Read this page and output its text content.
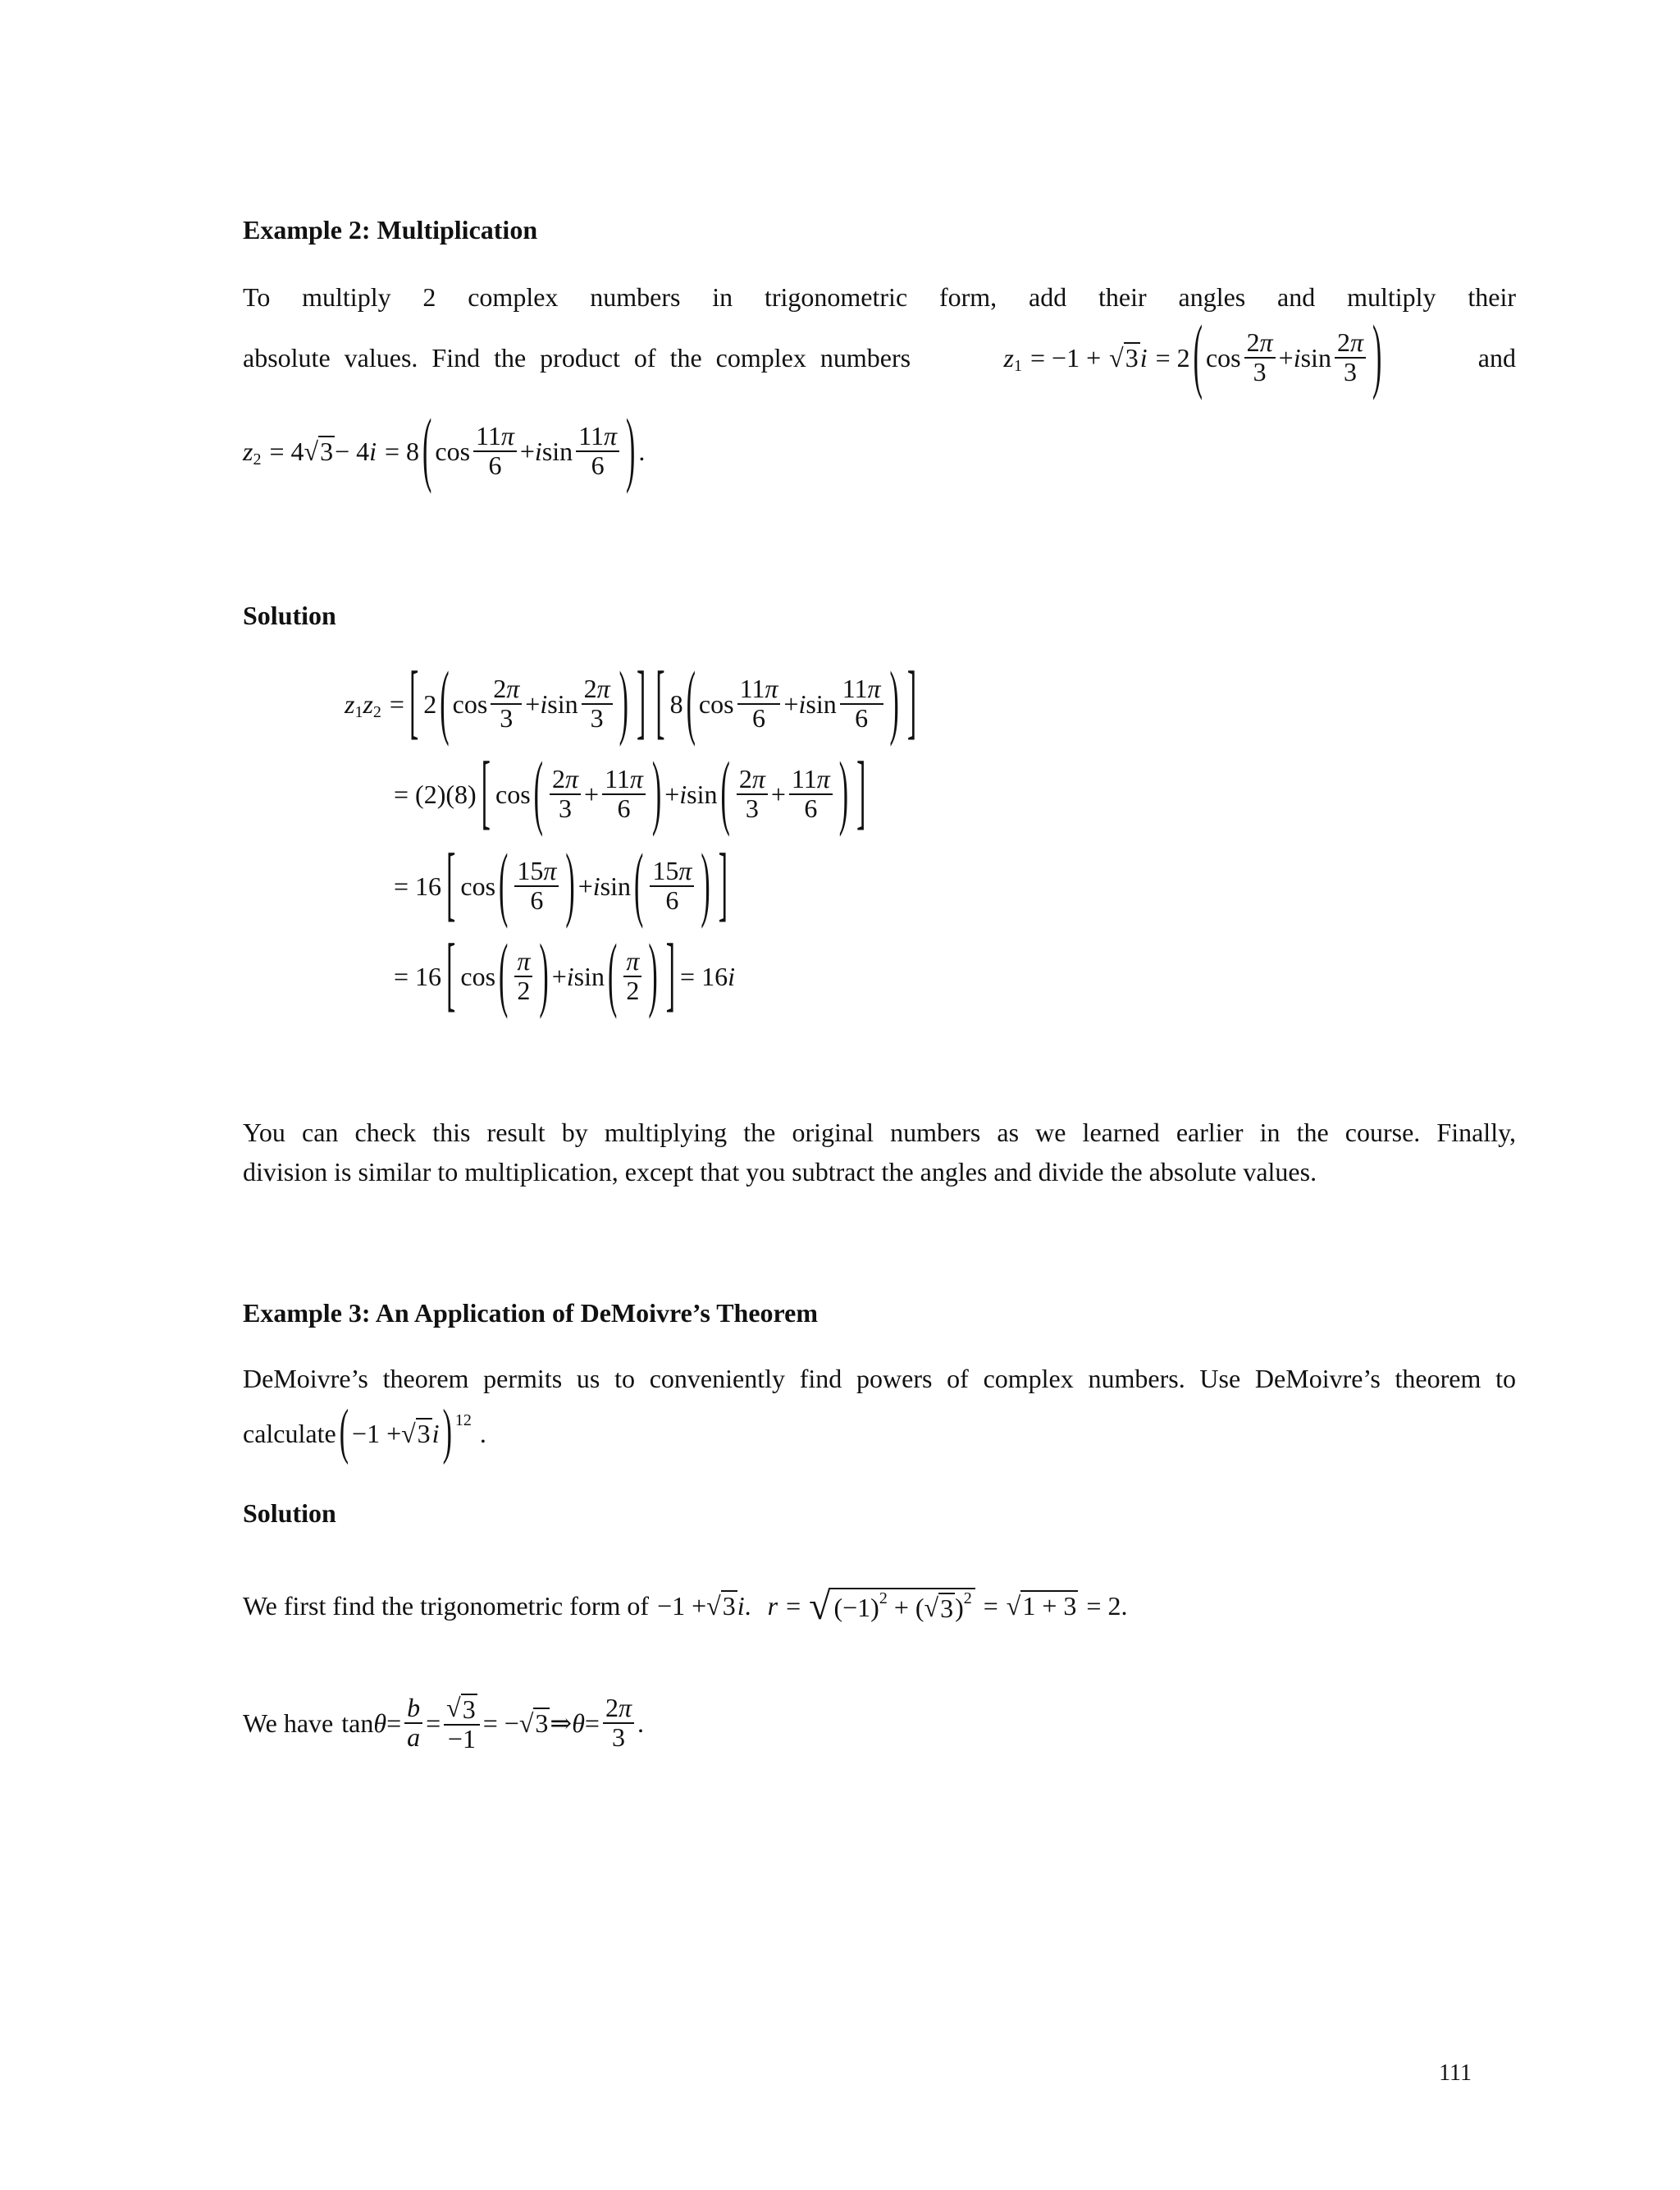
Example 2: Multiplication
To multiply 2 complex numbers in trigonometric form, add their angles and multiply their
absolute values. Find the product of the complex numbers	z 1 = −1 + √ 3 i = 2 ( $\cos \frac{2\pi}{3} + i$ $\sin \frac{2\pi}{3}$ )	and
z 2 = 4 √ 3 − 4 i = 8 ( $\cos \frac{11\pi}{6} + i$ $\sin \frac{11\pi}{6}$ ) .
Solution
z 1 z 2 = [ 2 ( $\cos \frac{2\pi}{3} + i$ $\sin \frac{2\pi}{3}$ ) ] [ 8 ( $\cos \frac{11\pi}{6} + i$ $\sin \frac{11\pi}{6}$ ) ]
= (2)(8) [ cos ( $\frac{2\pi}{3} + \frac{11\pi}{6}$ ) + i sin ( $\frac{2\pi}{3} + \frac{11\pi}{6}$ ) ]
= 16 [ cos ( $\frac{15\pi}{6}$ ) + i sin ( $\frac{15\pi}{6}$ ) ]
= 16 [ cos ( $\frac{\pi}{2}$ ) + i sin ( $\frac{\pi}{2}$ ) ] = 16 i
You can check this result by multiplying the original numbers as we learned earlier in the course. Finally,
division is similar to multiplication, except that you subtract the angles and divide the absolute values.
Example 3: An Application of DeMoivre’s Theorem
DeMoivre’s theorem permits us to conveniently find powers of complex numbers. Use DeMoivre’s theorem to
calculate ( −1 + √ 3 i ) 12 .
Solution
We first find the trigonometric form of −1 + √ 3 i . r = √ $(-1)^2$ + (√ 3 )$^2$ = √ 1 + 3 = 2.
We have $\tan \theta = \frac{b}{a} = \frac{√ 3}{-1}$ = − √ 3 ⇒ $\theta = \frac{2\pi}{3}$ .
111
